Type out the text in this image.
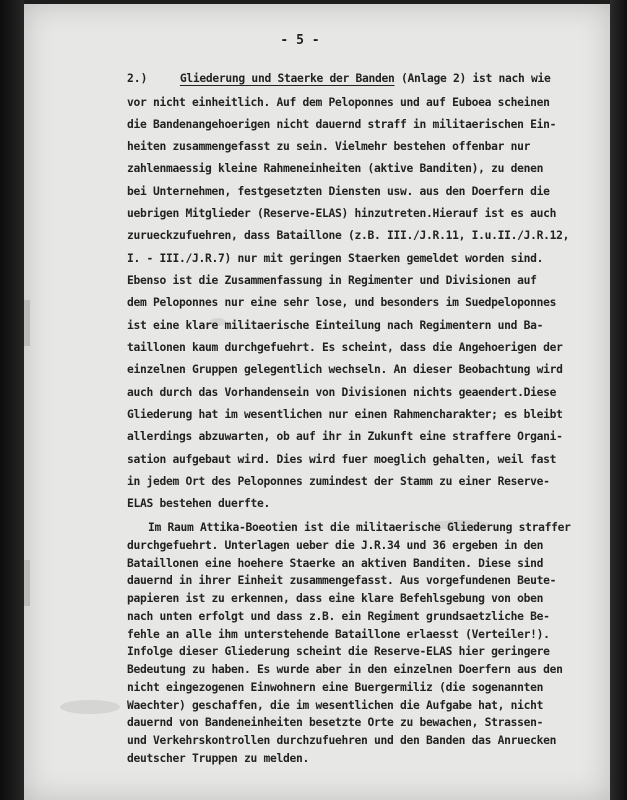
- 5 -
2.)	Gliederung und Staerke der Banden (Anlage 2) ist nach wie
vor nicht einheitlich. Auf dem Peloponnes und auf Euboea scheinen
die Bandenangehoerigen nicht dauernd straff in militaerischen Ein-
heiten zusammengefasst zu sein. Vielmehr bestehen offenbar nur
zahlenmaessig kleine Rahmeneinheiten (aktive Banditen), zu denen
bei Unternehmen, festgesetzten Diensten usw. aus den Doerfern die
uebrigen Mitglieder (Reserve-ELAS) hinzutreten.Hierauf ist es auch
zurueckzufuehren, dass Bataillone (z.B. III./J.R.11, I.u.II./J.R.12,
I. - III./J.R.7) nur mit geringen Staerken gemeldet worden sind.
Ebenso ist die Zusammenfassung in Regimenter und Divisionen auf
dem Peloponnes nur eine sehr lose, und besonders im Suedpeloponnes
ist eine klare militaerische Einteilung nach Regimentern und Ba-
taillonen kaum durchgefuehrt. Es scheint, dass die Angehoerigen der
einzelnen Gruppen gelegentlich wechseln. An dieser Beobachtung wird
auch durch das Vorhandensein von Divisionen nichts geaendert.Diese
Gliederung hat im wesentlichen nur einen Rahmencharakter; es bleibt
allerdings abzuwarten, ob auf ihr in Zukunft eine straffere Organi-
sation aufgebaut wird. Dies wird fuer moeglich gehalten, weil fast
in jedem Ort des Peloponnes zumindest der Stamm zu einer Reserve-
ELAS bestehen duerfte.
Im Raum Attika-Boeotien ist die militaerische Gliederung straffer
durchgefuehrt. Unterlagen ueber die J.R.34 und 36 ergeben in den
Bataillonen eine hoehere Staerke an aktiven Banditen. Diese sind
dauernd in ihrer Einheit zusammengefasst. Aus vorgefundenen Beute-
papieren ist zu erkennen, dass eine klare Befehlsgebung von oben
nach unten erfolgt und dass z.B. ein Regiment grundsaetzliche Be-
fehle an alle ihm unterstehende Bataillone erlaesst (Verteiler!).
Infolge dieser Gliederung scheint die Reserve-ELAS hier geringere
Bedeutung zu haben. Es wurde aber in den einzelnen Doerfern aus den
nicht eingezogenen Einwohnern eine Buergermiliz (die sogenannten
Waechter) geschaffen, die im wesentlichen die Aufgabe hat, nicht
dauernd von Bandeneinheiten besetzte Orte zu bewachen, Strassen-
und Verkehrskontrollen durchzufuehren und den Banden das Anruecken
deutscher Truppen zu melden.
